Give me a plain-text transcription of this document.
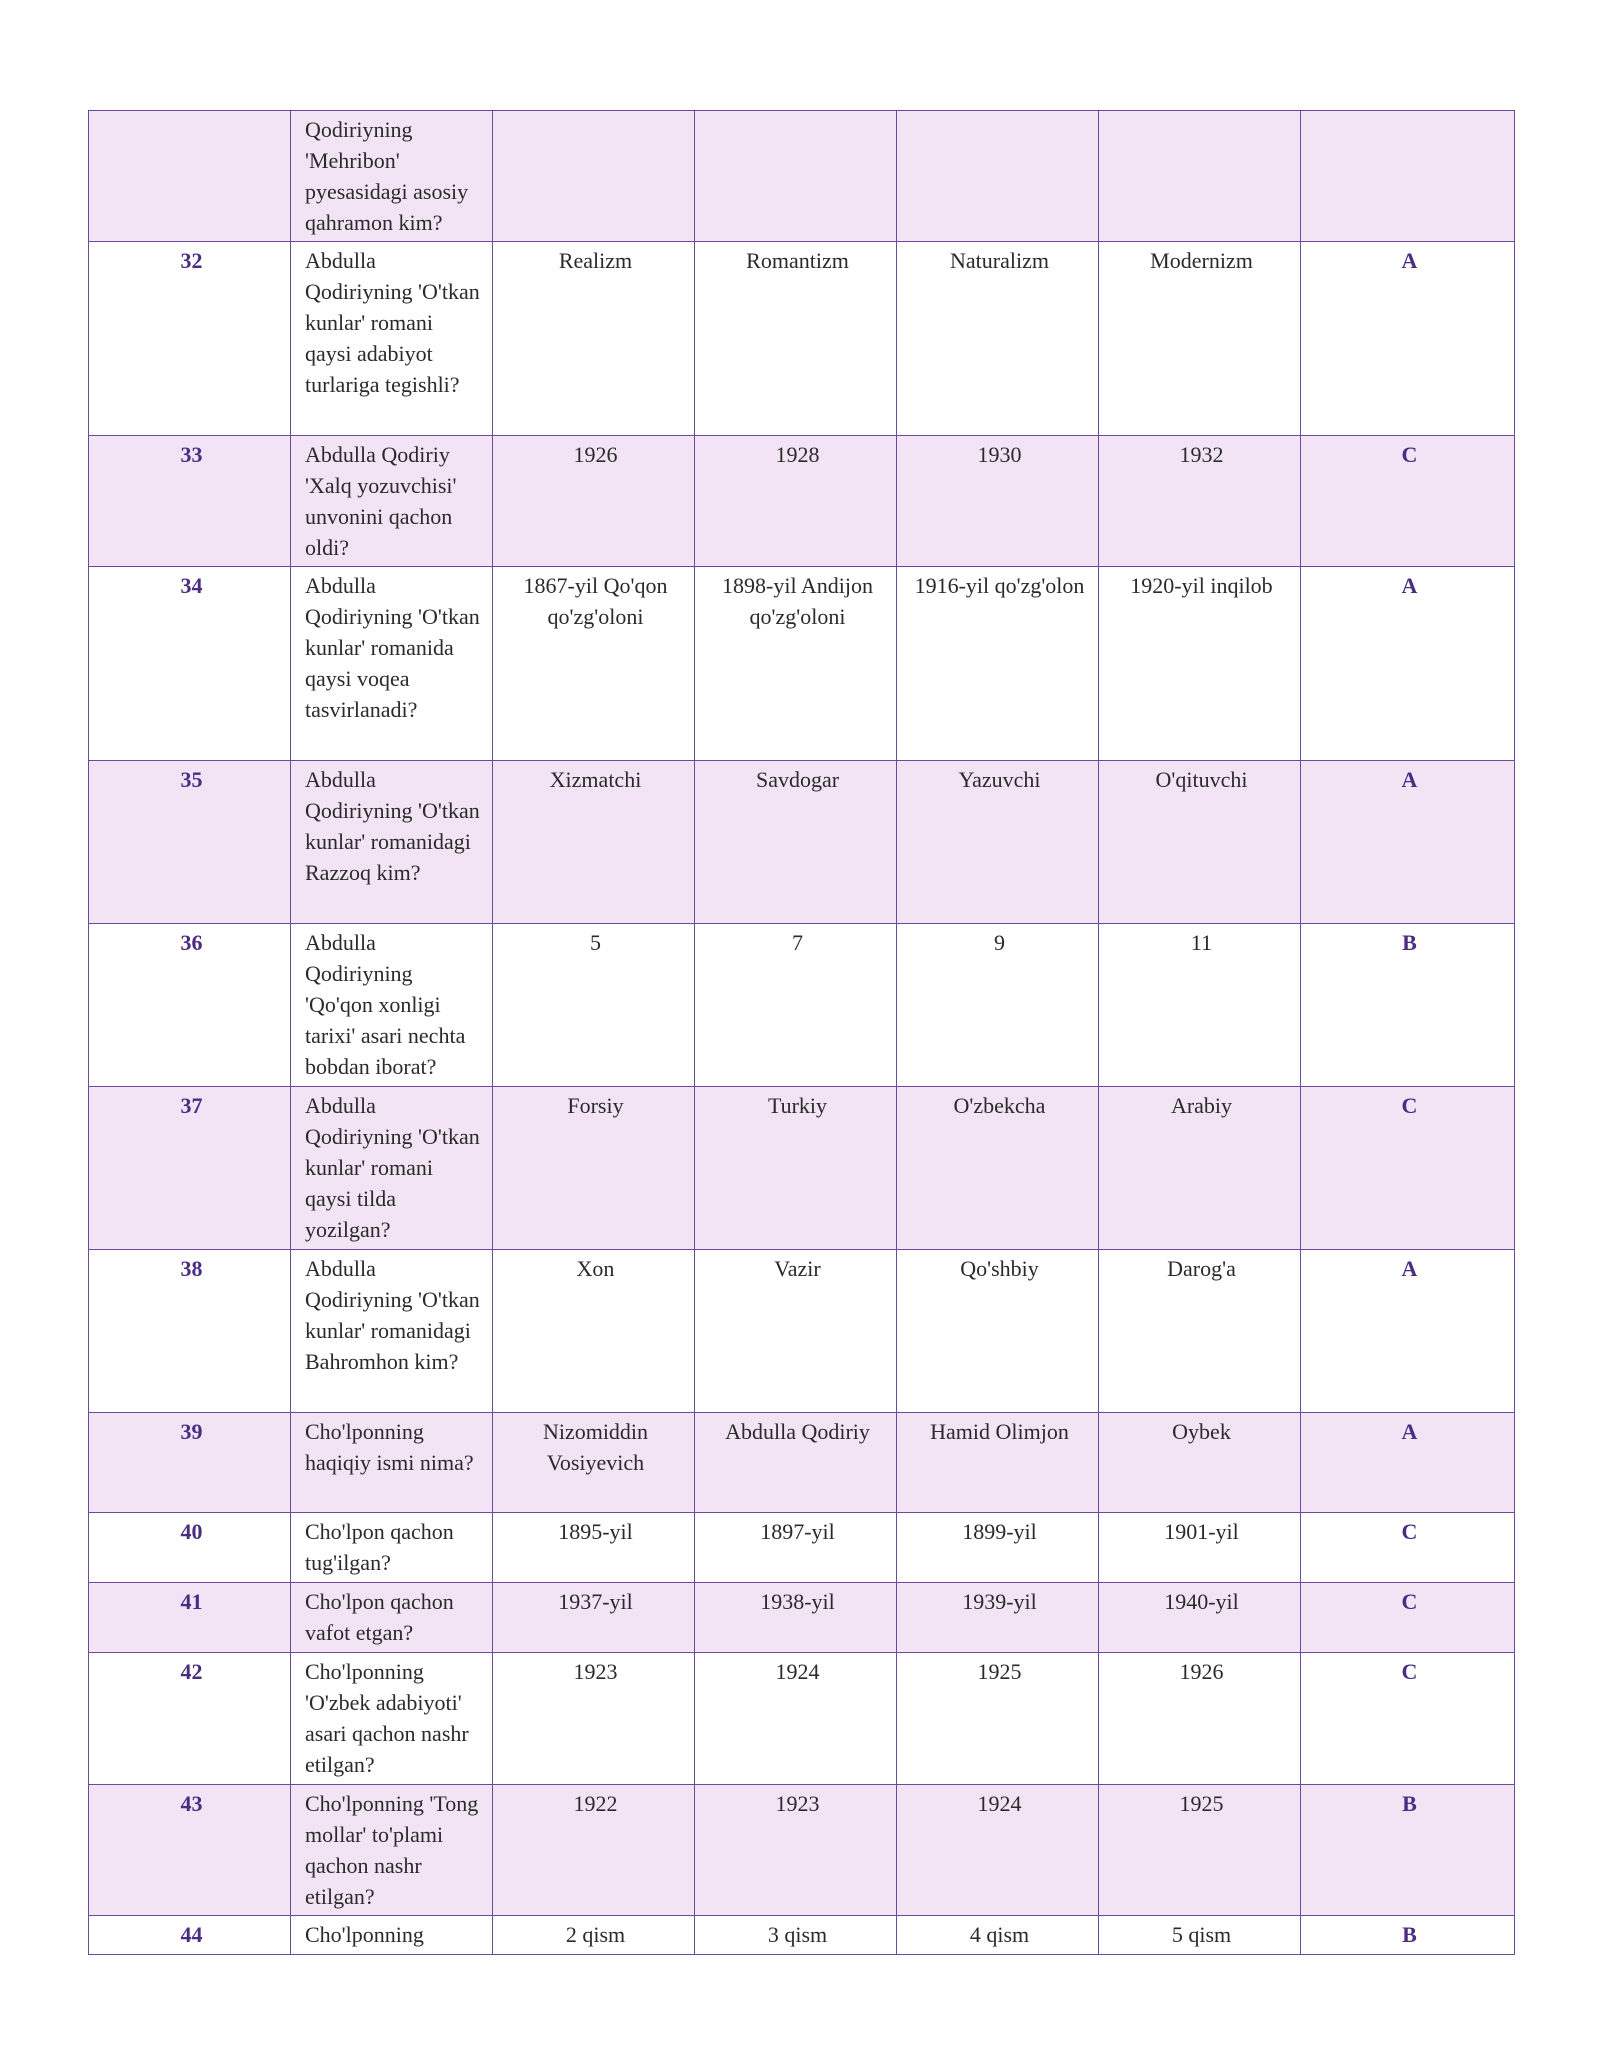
	Qodiriyning 'Mehribon' pyesasidagi asosiy qahramon kim?					
32	Abdulla Qodiriyning 'O'tkan kunlar' romani qaysi adabiyot turlariga tegishli?	Realizm	Romantizm	Naturalizm	Modernizm	A
33	Abdulla Qodiriy 'Xalq yozuvchisi' unvonini qachon oldi?	1926	1928	1930	1932	C
34	Abdulla Qodiriyning 'O'tkan kunlar' romanida qaysi voqea tasvirlanadi?	1867-yil Qo'qon qo'zg'oloni	1898-yil Andijon qo'zg'oloni	1916-yil qo'zg'olon	1920-yil inqilob	A
35	Abdulla Qodiriyning 'O'tkan kunlar' romanidagi Razzoq kim?	Xizmatchi	Savdogar	Yazuvchi	O'qituvchi	A
36	Abdulla Qodiriyning 'Qo'qon xonligi tarixi' asari nechta bobdan iborat?	5	7	9	11	B
37	Abdulla Qodiriyning 'O'tkan kunlar' romani qaysi tilda yozilgan?	Forsiy	Turkiy	O'zbekcha	Arabiy	C
38	Abdulla Qodiriyning 'O'tkan kunlar' romanidagi Bahromhon kim?	Xon	Vazir	Qo'shbiy	Darog'a	A
39	Cho'lponning haqiqiy ismi nima?	Nizomiddin Vosiyevich	Abdulla Qodiriy	Hamid Olimjon	Oybek	A
40	Cho'lpon qachon tug'ilgan?	1895-yil	1897-yil	1899-yil	1901-yil	C
41	Cho'lpon qachon vafot etgan?	1937-yil	1938-yil	1939-yil	1940-yil	C
42	Cho'lponning 'O'zbek adabiyoti' asari qachon nashr etilgan?	1923	1924	1925	1926	C
43	Cho'lponning 'Tong mollar' to'plami qachon nashr etilgan?	1922	1923	1924	1925	B
44	Cho'lponning	2 qism	3 qism	4 qism	5 qism	B
